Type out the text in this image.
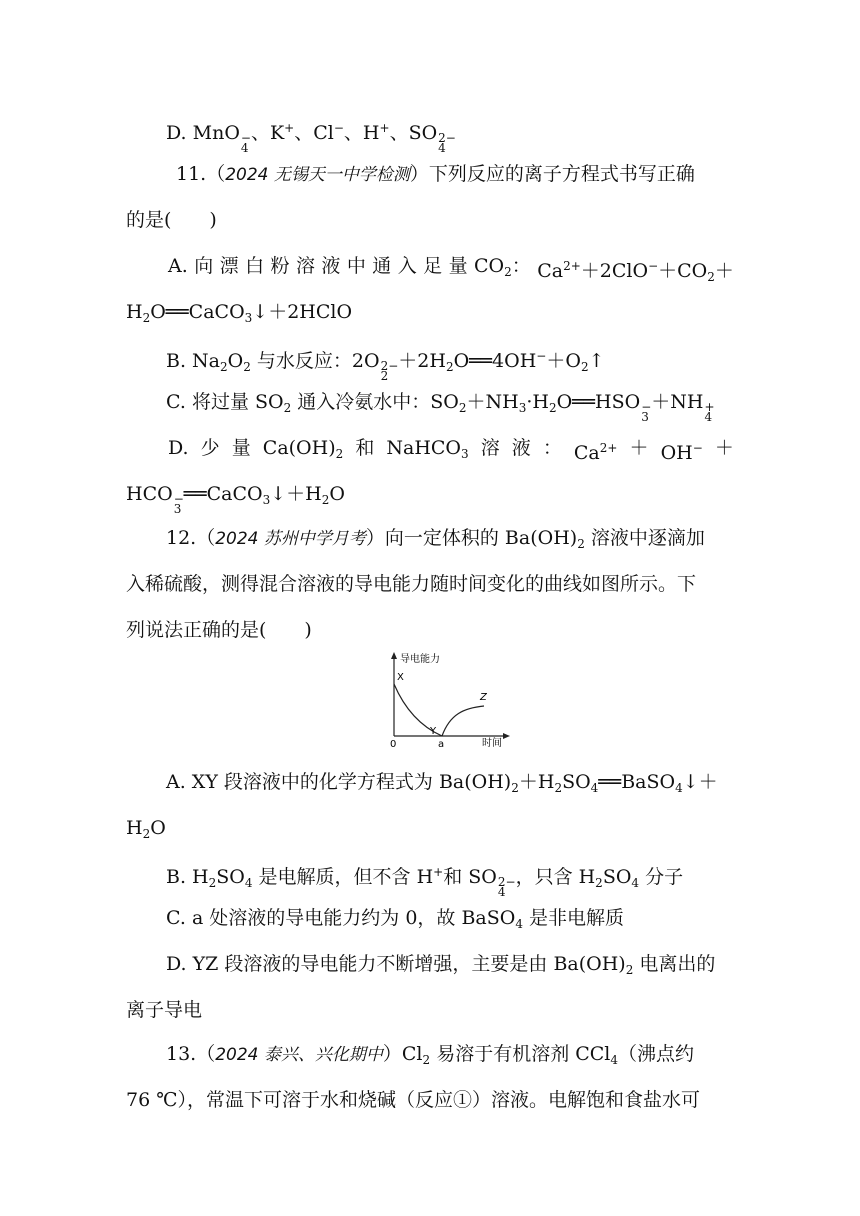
D. MnO −
4
、K+、Cl−、H+、SO 2−
4
11.（2024 无锡天一中学检测）下列反应的离子方程式书写正确
的是(　　)
A. 向 漂 白 粉 溶 液 中 通 入 足 量 $CO_2$： $Ca^{2+}+2ClO^-+CO_2+$
$H_2O══CaCO_3↓+2HClO$
B. $Na_2O_2$ 与水反应：2O 2−
2
$+2H_2O══4OH^-+O_2↑$
C. 将过量 $SO_2$ 通入冷氨水中：$SO_2+NH_3\cdot H_2O══HSO$ −
3
＋NH +
4
D. 少 量 $Ca(OH)_2$ 和 NaHCO$_3$ 溶 液 ： $Ca^{2+} + OH^-$ ＋
HCO −
3
$══CaCO_3↓+H_2O$
12.（2024 苏州中学月考）向一定体积的 $Ba(OH)_2$ 溶液中逐滴加
入稀硫酸，测得混合溶液的导电能力随时间变化的曲线如图所示。下
列说法正确的是(　　)
导电能力
时间
0	a
X
Y
Z
A. XY 段溶液中的化学方程式为 $Ba(OH)_2+H_2SO_4══BaSO_4↓+$
$H_2O$
B. $H_2SO_4$ 是电解质，但不含 H+和 SO 2−
4
，只含 $H_2SO_4$ 分子
C. a 处溶液的导电能力约为 0，故 BaSO$_4$ 是非电解质
D. YZ 段溶液的导电能力不断增强，主要是由 $Ba(OH)_2$ 电离出的
离子导电
13.（2024 泰兴、兴化期中）$Cl_2$ 易溶于有机溶剂 CCl$_4$（沸点约
76 ℃），常温下可溶于水和烧碱（反应①）溶液。电解饱和食盐水可
